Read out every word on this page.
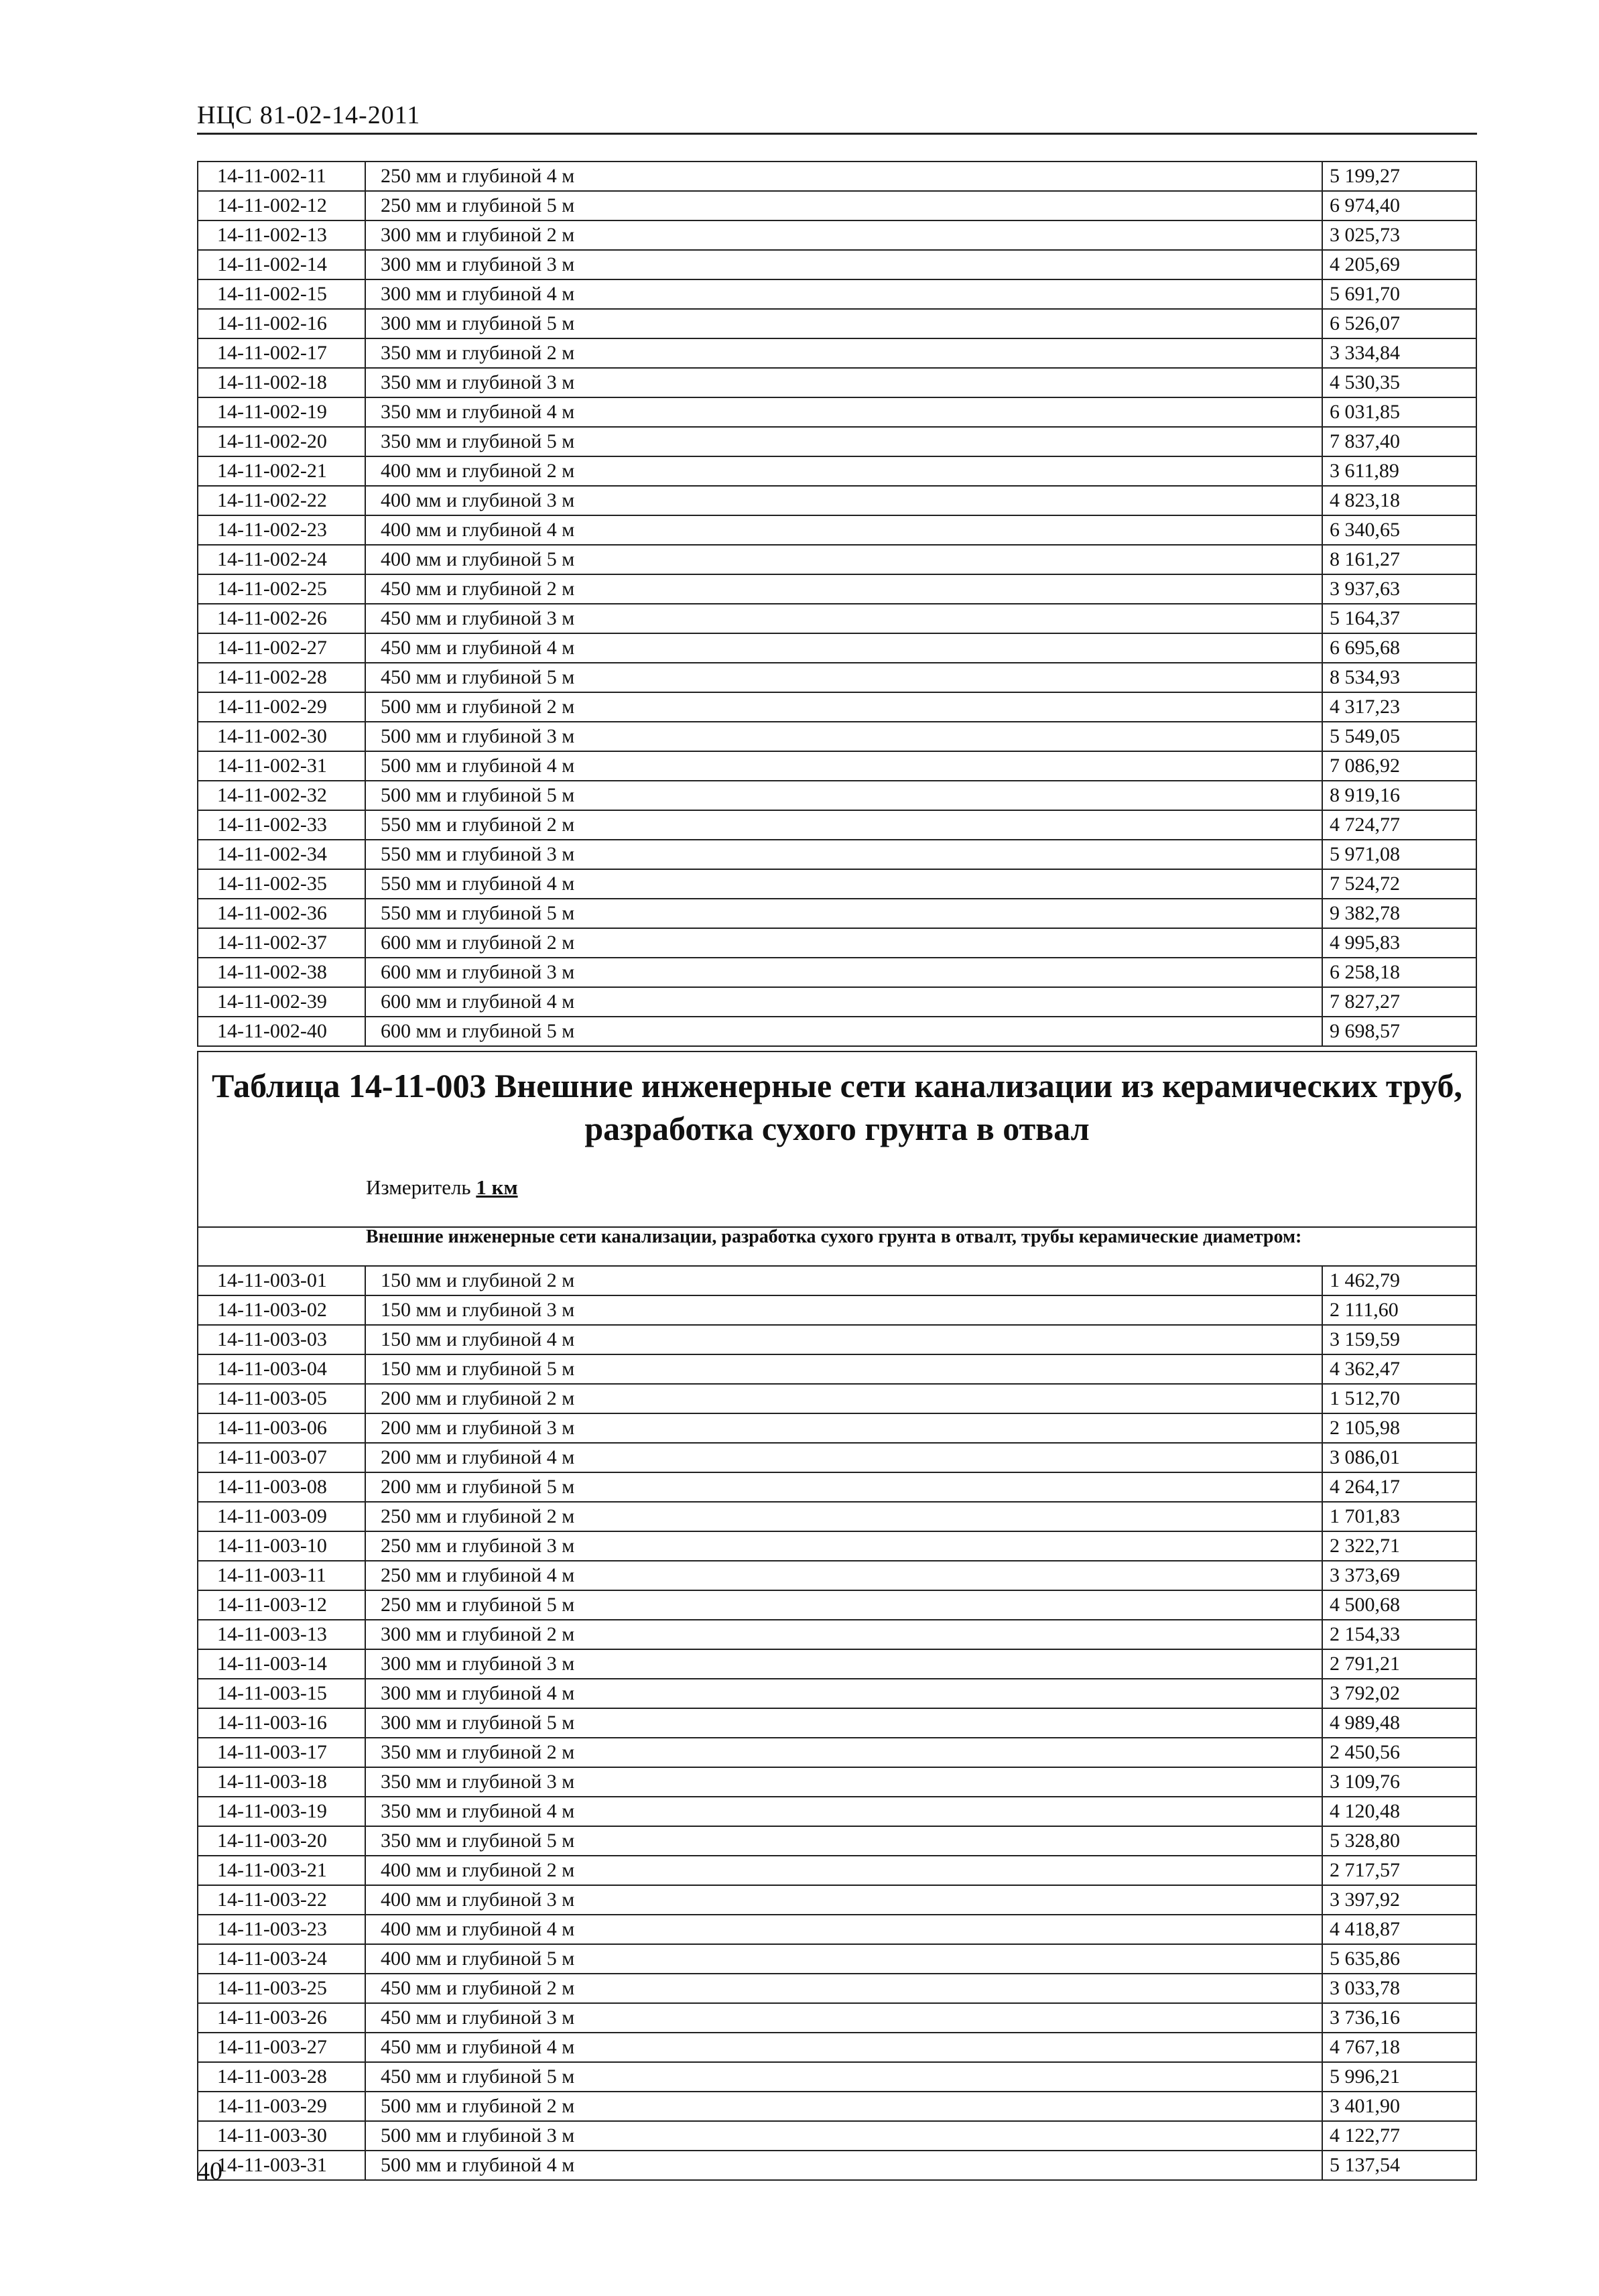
НЦС 81-02-14-2011
14-11-002-11	250 мм и глубиной 4 м	5 199,27
14-11-002-12	250 мм и глубиной 5 м	6 974,40
14-11-002-13	300 мм и глубиной 2 м	3 025,73
14-11-002-14	300 мм и глубиной 3 м	4 205,69
14-11-002-15	300 мм и глубиной 4 м	5 691,70
14-11-002-16	300 мм и глубиной 5 м	6 526,07
14-11-002-17	350 мм и глубиной 2 м	3 334,84
14-11-002-18	350 мм и глубиной 3 м	4 530,35
14-11-002-19	350 мм и глубиной 4 м	6 031,85
14-11-002-20	350 мм и глубиной 5 м	7 837,40
14-11-002-21	400 мм и глубиной 2 м	3 611,89
14-11-002-22	400 мм и глубиной 3 м	4 823,18
14-11-002-23	400 мм и глубиной 4 м	6 340,65
14-11-002-24	400 мм и глубиной 5 м	8 161,27
14-11-002-25	450 мм и глубиной 2 м	3 937,63
14-11-002-26	450 мм и глубиной 3 м	5 164,37
14-11-002-27	450 мм и глубиной 4 м	6 695,68
14-11-002-28	450 мм и глубиной 5 м	8 534,93
14-11-002-29	500 мм и глубиной 2 м	4 317,23
14-11-002-30	500 мм и глубиной 3 м	5 549,05
14-11-002-31	500 мм и глубиной 4 м	7 086,92
14-11-002-32	500 мм и глубиной 5 м	8 919,16
14-11-002-33	550 мм и глубиной 2 м	4 724,77
14-11-002-34	550 мм и глубиной 3 м	5 971,08
14-11-002-35	550 мм и глубиной 4 м	7 524,72
14-11-002-36	550 мм и глубиной 5 м	9 382,78
14-11-002-37	600 мм и глубиной 2 м	4 995,83
14-11-002-38	600 мм и глубиной 3 м	6 258,18
14-11-002-39	600 мм и глубиной 4 м	7 827,27
14-11-002-40	600 мм и глубиной 5 м	9 698,57
Таблица 14-11-003 Внешние инженерные сети канализации из керамических труб, разработка сухого грунта в отвал
Измеритель 1 км
Внешние инженерные сети канализации, разработка сухого грунта в отвалт, трубы керамические диаметром:
14-11-003-01	150 мм и глубиной 2 м	1 462,79
14-11-003-02	150 мм и глубиной 3 м	2 111,60
14-11-003-03	150 мм и глубиной 4 м	3 159,59
14-11-003-04	150 мм и глубиной 5 м	4 362,47
14-11-003-05	200 мм и глубиной 2 м	1 512,70
14-11-003-06	200 мм и глубиной 3 м	2 105,98
14-11-003-07	200 мм и глубиной 4 м	3 086,01
14-11-003-08	200 мм и глубиной 5 м	4 264,17
14-11-003-09	250 мм и глубиной 2 м	1 701,83
14-11-003-10	250 мм и глубиной 3 м	2 322,71
14-11-003-11	250 мм и глубиной 4 м	3 373,69
14-11-003-12	250 мм и глубиной 5 м	4 500,68
14-11-003-13	300 мм и глубиной 2 м	2 154,33
14-11-003-14	300 мм и глубиной 3 м	2 791,21
14-11-003-15	300 мм и глубиной 4 м	3 792,02
14-11-003-16	300 мм и глубиной 5 м	4 989,48
14-11-003-17	350 мм и глубиной 2 м	2 450,56
14-11-003-18	350 мм и глубиной 3 м	3 109,76
14-11-003-19	350 мм и глубиной 4 м	4 120,48
14-11-003-20	350 мм и глубиной 5 м	5 328,80
14-11-003-21	400 мм и глубиной 2 м	2 717,57
14-11-003-22	400 мм и глубиной 3 м	3 397,92
14-11-003-23	400 мм и глубиной 4 м	4 418,87
14-11-003-24	400 мм и глубиной 5 м	5 635,86
14-11-003-25	450 мм и глубиной 2 м	3 033,78
14-11-003-26	450 мм и глубиной 3 м	3 736,16
14-11-003-27	450 мм и глубиной 4 м	4 767,18
14-11-003-28	450 мм и глубиной 5 м	5 996,21
14-11-003-29	500 мм и глубиной 2 м	3 401,90
14-11-003-30	500 мм и глубиной 3 м	4 122,77
14-11-003-31	500 мм и глубиной 4 м	5 137,54
40
